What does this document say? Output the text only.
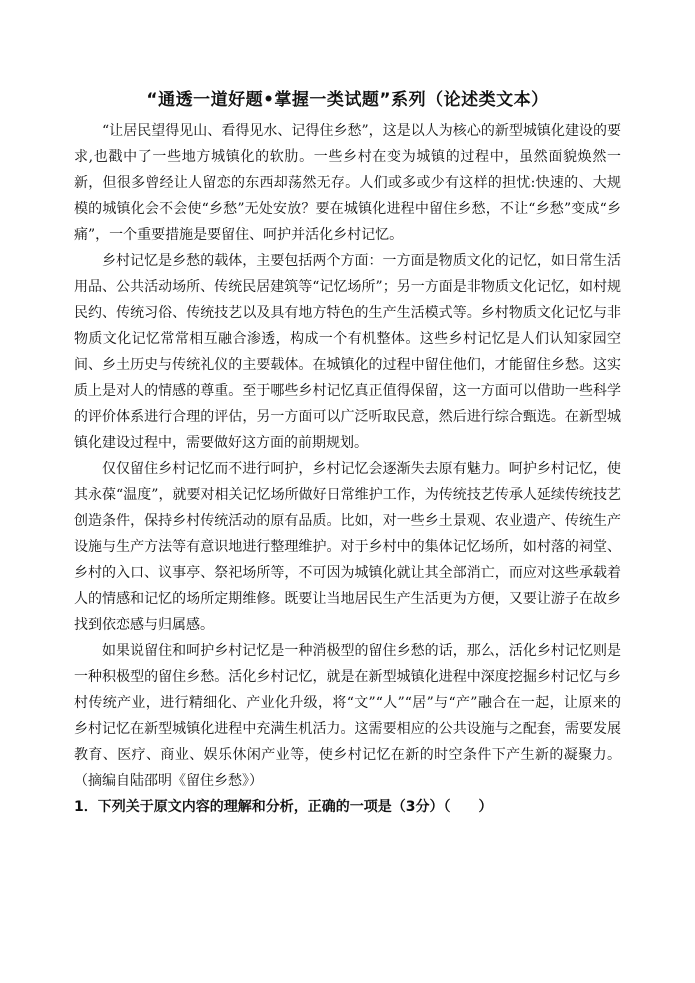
“通透一道好题•掌握一类试题”系列（论述类文本）

“让居民望得见山、看得见水、记得住乡愁”，这是以人为核心的新型城镇化建设的要求,也戳中了一些地方城镇化的软肋。一些乡村在变为城镇的过程中，虽然面貌焕然一新，但很多曾经让人留恋的东西却荡然无存。人们或多或少有这样的担忧:快速的、大规模的城镇化会不会使“乡愁”无处安放？要在城镇化进程中留住乡愁，不让“乡愁”变成“乡痛”，一个重要措施是要留住、呵护并活化乡村记忆。

乡村记忆是乡愁的载体，主要包括两个方面：一方面是物质文化的记忆，如日常生活用品、公共活动场所、传统民居建筑等“记忆场所”；另一方面是非物质文化记忆，如村规民约、传统习俗、传统技艺以及具有地方特色的生产生活模式等。乡村物质文化记忆与非物质文化记忆常常相互融合渗透，构成一个有机整体。这些乡村记忆是人们认知家园空间、乡土历史与传统礼仪的主要载体。在城镇化的过程中留住他们，才能留住乡愁。这实质上是对人的情感的尊重。至于哪些乡村记忆真正值得保留，这一方面可以借助一些科学的评价体系进行合理的评估，另一方面可以广泛听取民意，然后进行综合甄选。在新型城镇化建设过程中，需要做好这方面的前期规划。

仅仅留住乡村记忆而不进行呵护，乡村记忆会逐渐失去原有魅力。呵护乡村记忆，使其永葆“温度”，就要对相关记忆场所做好日常维护工作，为传统技艺传承人延续传统技艺创造条件，保持乡村传统活动的原有品质。比如，对一些乡土景观、农业遗产、传统生产设施与生产方法等有意识地进行整理维护。对于乡村中的集体记忆场所，如村落的祠堂、乡村的入口、议事亭、祭祀场所等，不可因为城镇化就让其全部消亡，而应对这些承载着人的情感和记忆的场所定期维修。既要让当地居民生产生活更为方便，又要让游子在故乡找到依恋感与归属感。

如果说留住和呵护乡村记忆是一种消极型的留住乡愁的话，那么，活化乡村记忆则是一种积极型的留住乡愁。活化乡村记忆，就是在新型城镇化进程中深度挖掘乡村记忆与乡村传统产业，进行精细化、产业化升级，将“文”“人”“居”与“产”融合在一起，让原来的乡村记忆在新型城镇化进程中充满生机活力。这需要相应的公共设施与之配套，需要发展教育、医疗、商业、娱乐休闲产业等，使乡村记忆在新的时空条件下产生新的凝聚力。（摘编自陆邵明《留住乡愁》）

1．下列关于原文内容的理解和分析，正确的一项是（3分）（　　）
